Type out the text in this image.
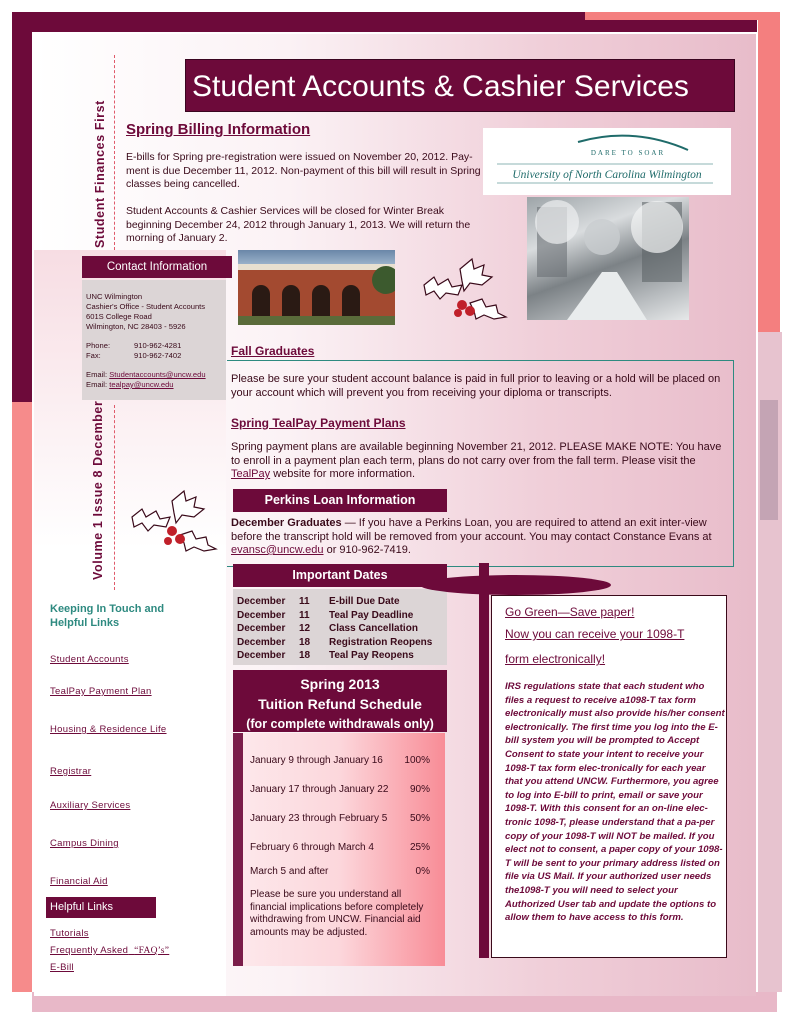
Student Accounts & Cashier Services
Student Finances First
Volume 1 Issue 8 December
Spring Billing Information

E-bills for Spring pre-registration were issued on November 20, 2012. Pay-ment is due December 11, 2012. Non-payment of this bill will result in Spring classes being cancelled.

Student Accounts & Cashier Services will be closed for Winter Break beginning December 24, 2012 through January 1, 2013. We will return the morning of January 2.

DARE TO SOAR
University of North Carolina Wilmington
Contact Information
UNC Wilmington
Cashier's Office - Student Accounts
601S College Road
Wilmington, NC 28403 - 5926
Phone:	910-962-4281
Fax:	910-962-7402
Email: Studentaccounts@uncw.edu
Email: tealpay@uncw.edu
Fall Graduates

Please be sure your student account balance is paid in full prior to leaving or a hold will be placed on your account which will prevent you from receiving your diploma or transcripts.

Spring TealPay Payment Plans

Spring payment plans are available beginning November 21, 2012. PLEASE MAKE NOTE: You have to enroll in a payment plan each term, plans do not carry over from the fall term. Please visit the TealPay website for more information.

Perkins Loan Information

December Graduates — If you have a Perkins Loan, you are required to attend an exit inter-view before the transcript hold will be removed from your account. You may contact Constance Evans at evansc@uncw.edu or 910-962-7419.

Important Dates
December	11	E-bill Due Date
December	11	Teal Pay Deadline
December	12	Class Cancellation
December	18	Registration Reopens
December	18	Teal Pay Reopens
Spring 2013
Tuition Refund Schedule
(for complete withdrawals only)
January 9 through January 16 100%
January 17 through January 22 90%
January 23 through February 5 50%
February 6 through March 4	25%
March 5 and after	0%

Please be sure you understand all financial implications before completely withdrawing from UNCW. Financial aid amounts may be adjusted.

Keeping In Touch and Helpful Links
Student Accounts
TealPay Payment Plan
Housing & Residence Life
Registrar
Auxiliary Services
Campus Dining
Financial Aid
Helpful Links
Tutorials
Frequently Asked “FAQ’s”
E-Bill
Go Green—Save paper!
Now you can receive your 1098-T
form electronically!

IRS regulations state that each student who files a request to receive a1098-T tax form electronically must also provide his/her consent electronically. The first time you log into the E-bill system you will be prompted to Accept Consent to state your intent to receive your 1098-T tax form elec-tronically for each year that you attend UNCW. Furthermore, you agree to log into E-bill to print, email or save your 1098-T. With this consent for an on-line elec-tronic 1098-T, please understand that a pa-per copy of your 1098-T will NOT be mailed. If you elect not to consent, a paper copy of your 1098-T will be sent to your primary address listed on file via US Mail. If your authorized user needs the1098-T you will need to select your Authorized User tab and update the options to allow them to have access to this form.
